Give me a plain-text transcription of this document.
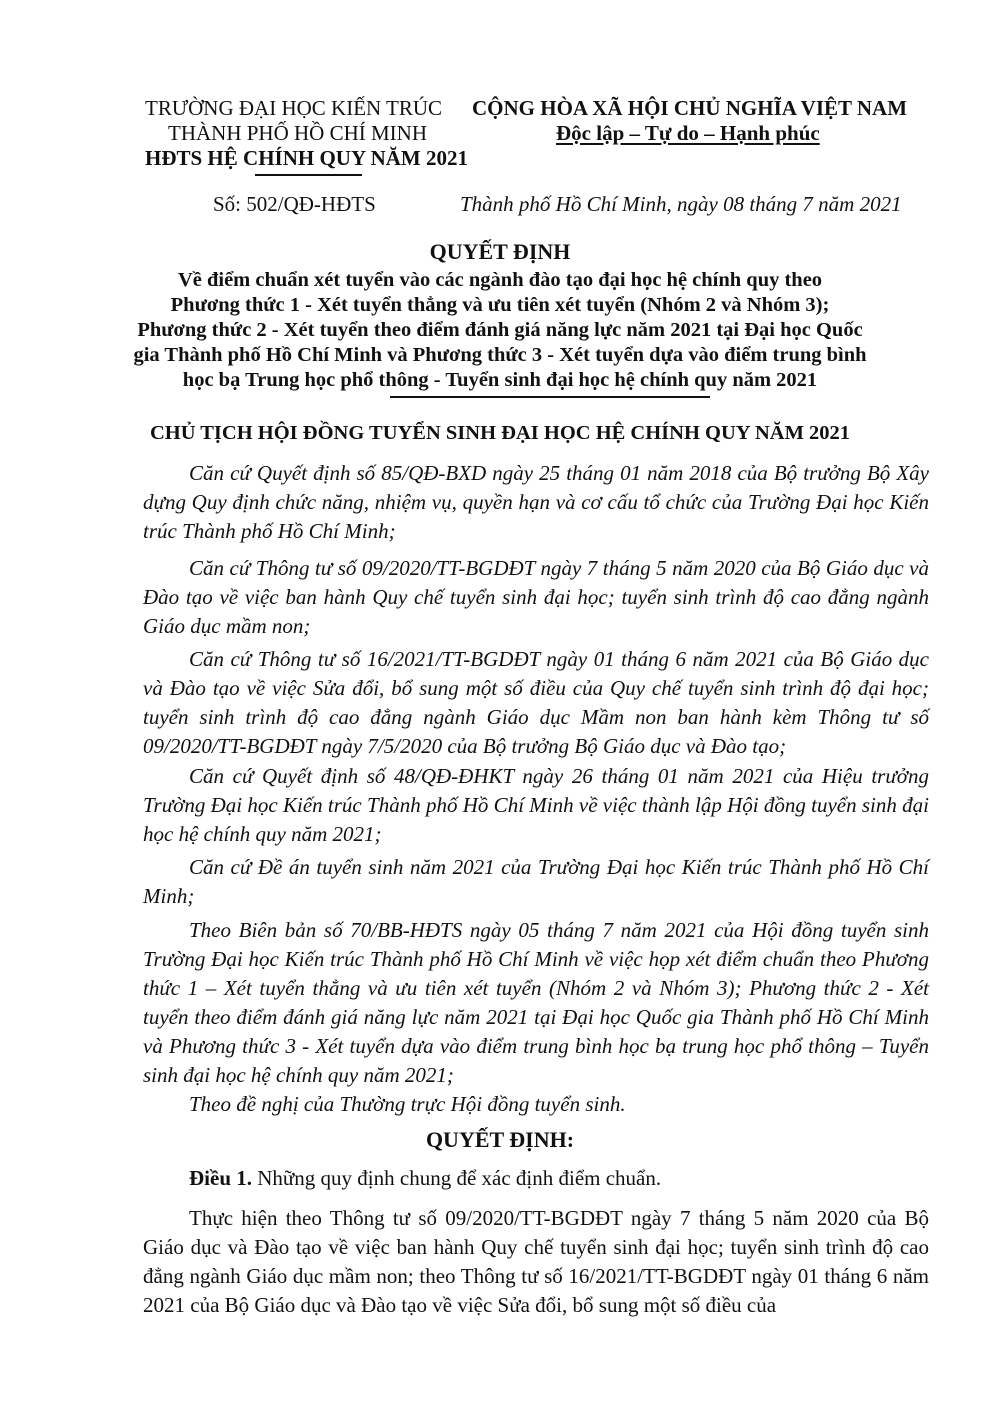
TRƯỜNG ĐẠI HỌC KIẾN TRÚC
THÀNH PHỐ HỒ CHÍ MINH
HĐTS HỆ CHÍNH QUY NĂM 2021
CỘNG HÒA XÃ HỘI CHỦ NGHĨA VIỆT NAM
Độc lập – Tự do – Hạnh phúc
Số: 502/QĐ-HĐTS	Thành phố Hồ Chí Minh, ngày 08 tháng 7 năm 2021
QUYẾT ĐỊNH
Về điểm chuẩn xét tuyển vào các ngành đào tạo đại học hệ chính quy theo
Phương thức 1 - Xét tuyển thẳng và ưu tiên xét tuyển (Nhóm 2 và Nhóm 3);
Phương thức 2 - Xét tuyển theo điểm đánh giá năng lực năm 2021 tại Đại học Quốc
gia Thành phố Hồ Chí Minh và Phương thức 3 - Xét tuyển dựa vào điểm trung bình
học bạ Trung học phổ thông - Tuyển sinh đại học hệ chính quy năm 2021
CHỦ TỊCH HỘI ĐỒNG TUYỂN SINH ĐẠI HỌC HỆ CHÍNH QUY NĂM 2021
Căn cứ Quyết định số 85/QĐ-BXD ngày 25 tháng 01 năm 2018 của Bộ trưởng Bộ Xây dựng Quy định chức năng, nhiệm vụ, quyền hạn và cơ cấu tổ chức của Trường Đại học Kiến trúc Thành phố Hồ Chí Minh;
Căn cứ Thông tư số 09/2020/TT-BGDĐT ngày 7 tháng 5 năm 2020 của Bộ Giáo dục và Đào tạo về việc ban hành Quy chế tuyển sinh đại học; tuyển sinh trình độ cao đẳng ngành Giáo dục mầm non;
Căn cứ Thông tư số 16/2021/TT-BGDĐT ngày 01 tháng 6 năm 2021 của Bộ Giáo dục và Đào tạo về việc Sửa đổi, bổ sung một số điều của Quy chế tuyển sinh trình độ đại học; tuyển sinh trình độ cao đẳng ngành Giáo dục Mầm non ban hành kèm Thông tư số 09/2020/TT-BGDĐT ngày 7/5/2020 của Bộ trưởng Bộ Giáo dục và Đào tạo;
Căn cứ Quyết định số 48/QĐ-ĐHKT ngày 26 tháng 01 năm 2021 của Hiệu trưởng Trường Đại học Kiến trúc Thành phố Hồ Chí Minh về việc thành lập Hội đồng tuyển sinh đại học hệ chính quy năm 2021;
Căn cứ Đề án tuyển sinh năm 2021 của Trường Đại học Kiến trúc Thành phố Hồ Chí Minh;
Theo Biên bản số 70/BB-HĐTS ngày 05 tháng 7 năm 2021 của Hội đồng tuyển sinh Trường Đại học Kiến trúc Thành phố Hồ Chí Minh về việc họp xét điểm chuẩn theo Phương thức 1 – Xét tuyển thẳng và ưu tiên xét tuyển (Nhóm 2 và Nhóm 3); Phương thức 2 - Xét tuyển theo điểm đánh giá năng lực năm 2021 tại Đại học Quốc gia Thành phố Hồ Chí Minh và Phương thức 3 - Xét tuyển dựa vào điểm trung bình học bạ trung học phổ thông – Tuyển sinh đại học hệ chính quy năm 2021;
Theo đề nghị của Thường trực Hội đồng tuyển sinh.
QUYẾT ĐỊNH:
Điều 1. Những quy định chung để xác định điểm chuẩn.
Thực hiện theo Thông tư số 09/2020/TT-BGDĐT ngày 7 tháng 5 năm 2020 của Bộ Giáo dục và Đào tạo về việc ban hành Quy chế tuyển sinh đại học; tuyển sinh trình độ cao đẳng ngành Giáo dục mầm non; theo Thông tư số 16/2021/TT-BGDĐT ngày 01 tháng 6 năm 2021 của Bộ Giáo dục và Đào tạo về việc Sửa đổi, bổ sung một số điều của
